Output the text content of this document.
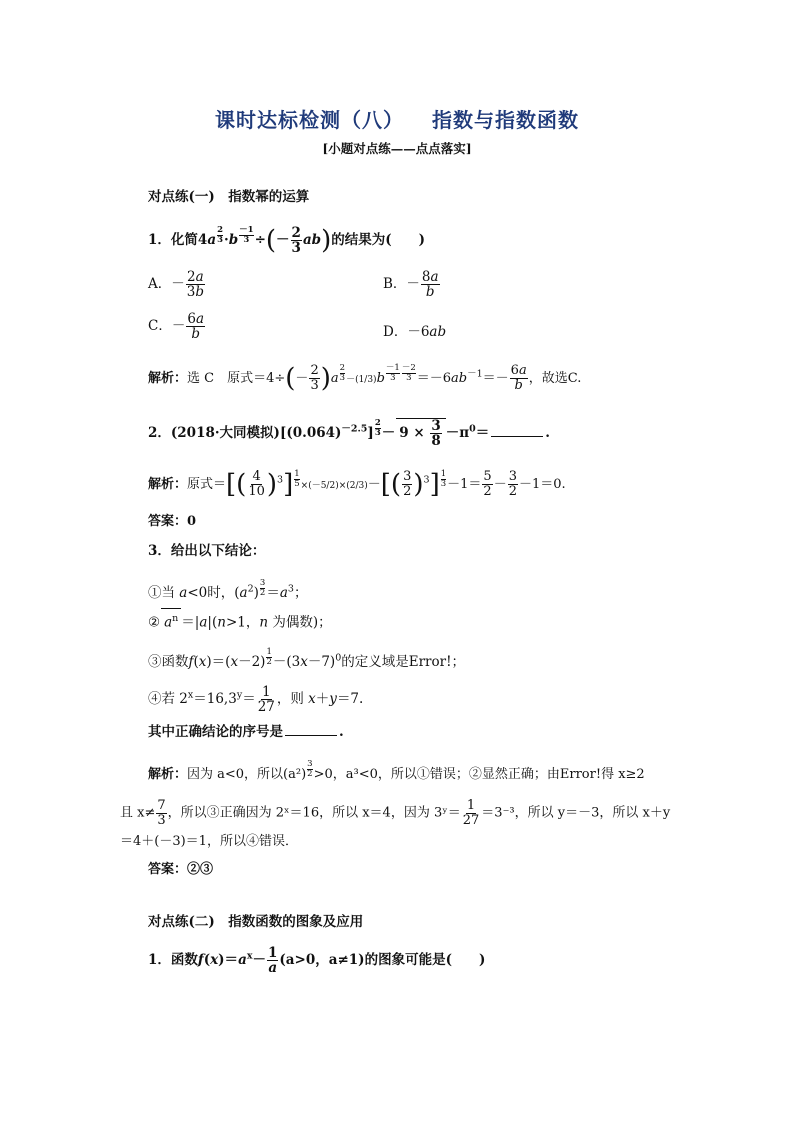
课时达标检测（八） 指数与指数函数
[小题对点练——点点落实]
对点练(一)　指数幂的运算
1．化简$4a \frac{2}{3} \cdot b \frac{-1}{3}$ ÷(－ $\frac{2}{3} ab$)的结果为(　　)
A．－ $\frac{2a}{3b}$	B．－ $\frac{8a}{b}$
C．－ $\frac{6a}{b}$	D．－6ab
解析：选 C　原式$=4\div(- \frac{2}{3} )a \frac{2}{3} -(1/3)b \frac{-1}{3} \frac{-2}{3} =-6ab^{-1}=- \frac{6a}{b}$ ，故选C.
2．(2018·大同模拟)$[(0.064)^{-2.5}] \frac{2}{3} - 9 \times \frac{3}{8} -\pi^0=$	.
解析：原式＝[( $\frac{4}{10} )^3] \frac{1}{5} \times(-5/2)\times(2/3)-[( \frac{3}{2} )^3] \frac{1}{3} -1= \frac{5}{2} - \frac{3}{2} -1=0$.
答案：0
3．给出以下结论：
①当 a<0时，$(a^2) \frac{3}{2} =a^3$；
② $a^n =|a|(n>1$，n 为偶数)；
③函数$f(x)=(x-2) \frac{1}{2} -(3x-7)^0$的定义域是Error!；
④若 $2^x=16,3^y= \frac{1}{27}$ ，则 x＋y＝7.
其中正确结论的序号是	.
解析：因为 a<0，所以$(a^2) \frac{3}{2} >0$，a³<0，所以①错误；②显然正确；由Error!得 x≥2
且 $x\ne \frac{7}{3}$ ，所以③正确因为 2ˣ＝16，所以 x＝4，因为 3ʸ＝ $\frac{1}{27} =3^{-3}$，所以 y＝－3，所以 x＋y
＝4＋(－3)＝1，所以④错误．
答案：②③
对点练(二)　指数函数的图象及应用
1．函数$f(x)=a^x- \frac{1}{a} (a>0$，a≠1)的图象可能是(　　)
